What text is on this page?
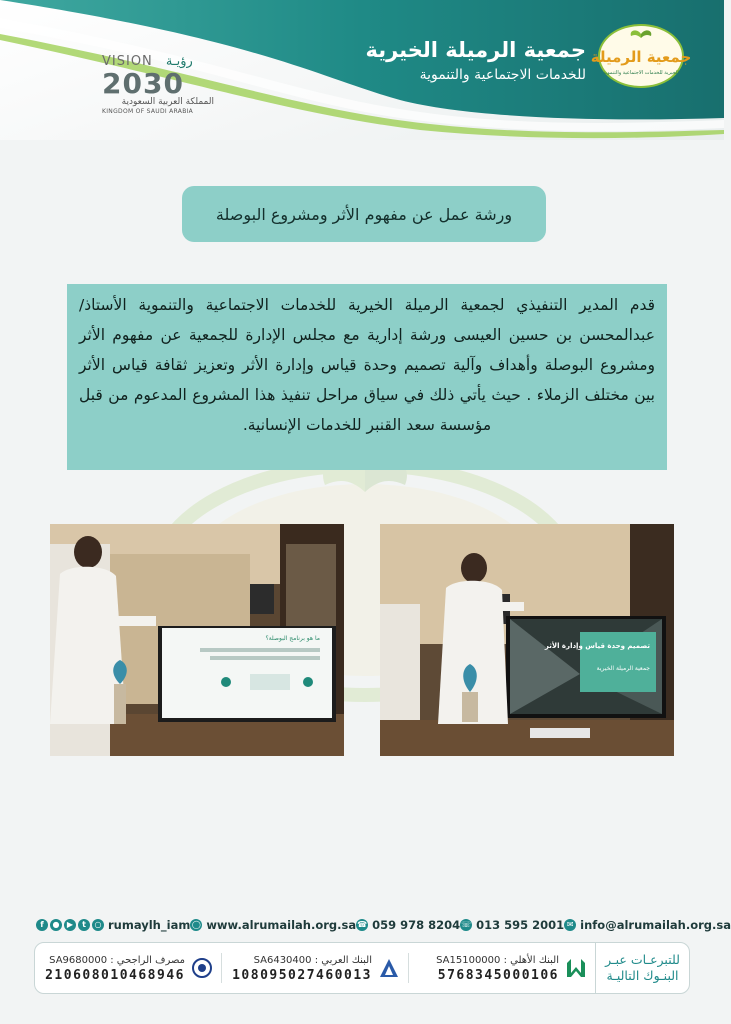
جمعية الرميلة
الخيرية للخدمات الاجتماعية والتنموية
جمعية الرميلة الخيرية
للخدمات الاجتماعية والتنموية
VISION رؤيـة
2030
المملكة العربية السعودية
KINGDOM OF SAUDI ARABIA
ورشة عمل عن مفهوم الأثر ومشروع البوصلة
قدم المدير التنفيذي لجمعية الرميلة الخيرية للخدمات الاجتماعية والتنموية الأستاذ/ عبدالمحسن بن حسين العيسى ورشة إدارية مع مجلس الإدارة للجمعية عن مفهوم الأثر ومشروع البوصلة وأهداف وآلية تصميم وحدة قياس وإدارة الأثر وتعزيز ثقافة قياس الأثر بين مختلف الزملاء . حيث يأتي ذلك في سياق مراحل تنفيذ هذا المشروع المدعوم من قبل مؤسسة سعد القنبر للخدمات الإنسانية.
ما هو برنامج البوصلة؟
تصميم وحدة قياس وإدارة الأثر
جمعية الرميلة الخيرية
f	● ▶	t	○ rumaylh_iam ◯ www.alrumailah.org.sa ☎ 059 978 8204 ☏ 013 595 2001 ✉ info@alrumailah.org.sa
للتبرعـات عبـر
البنـوك التاليـة
البنك الأهلي : SA15100000
5768345000106
البنك العربي : SA6430400
108095027460013
مصرف الراجحي : SA9680000
210608010468946
